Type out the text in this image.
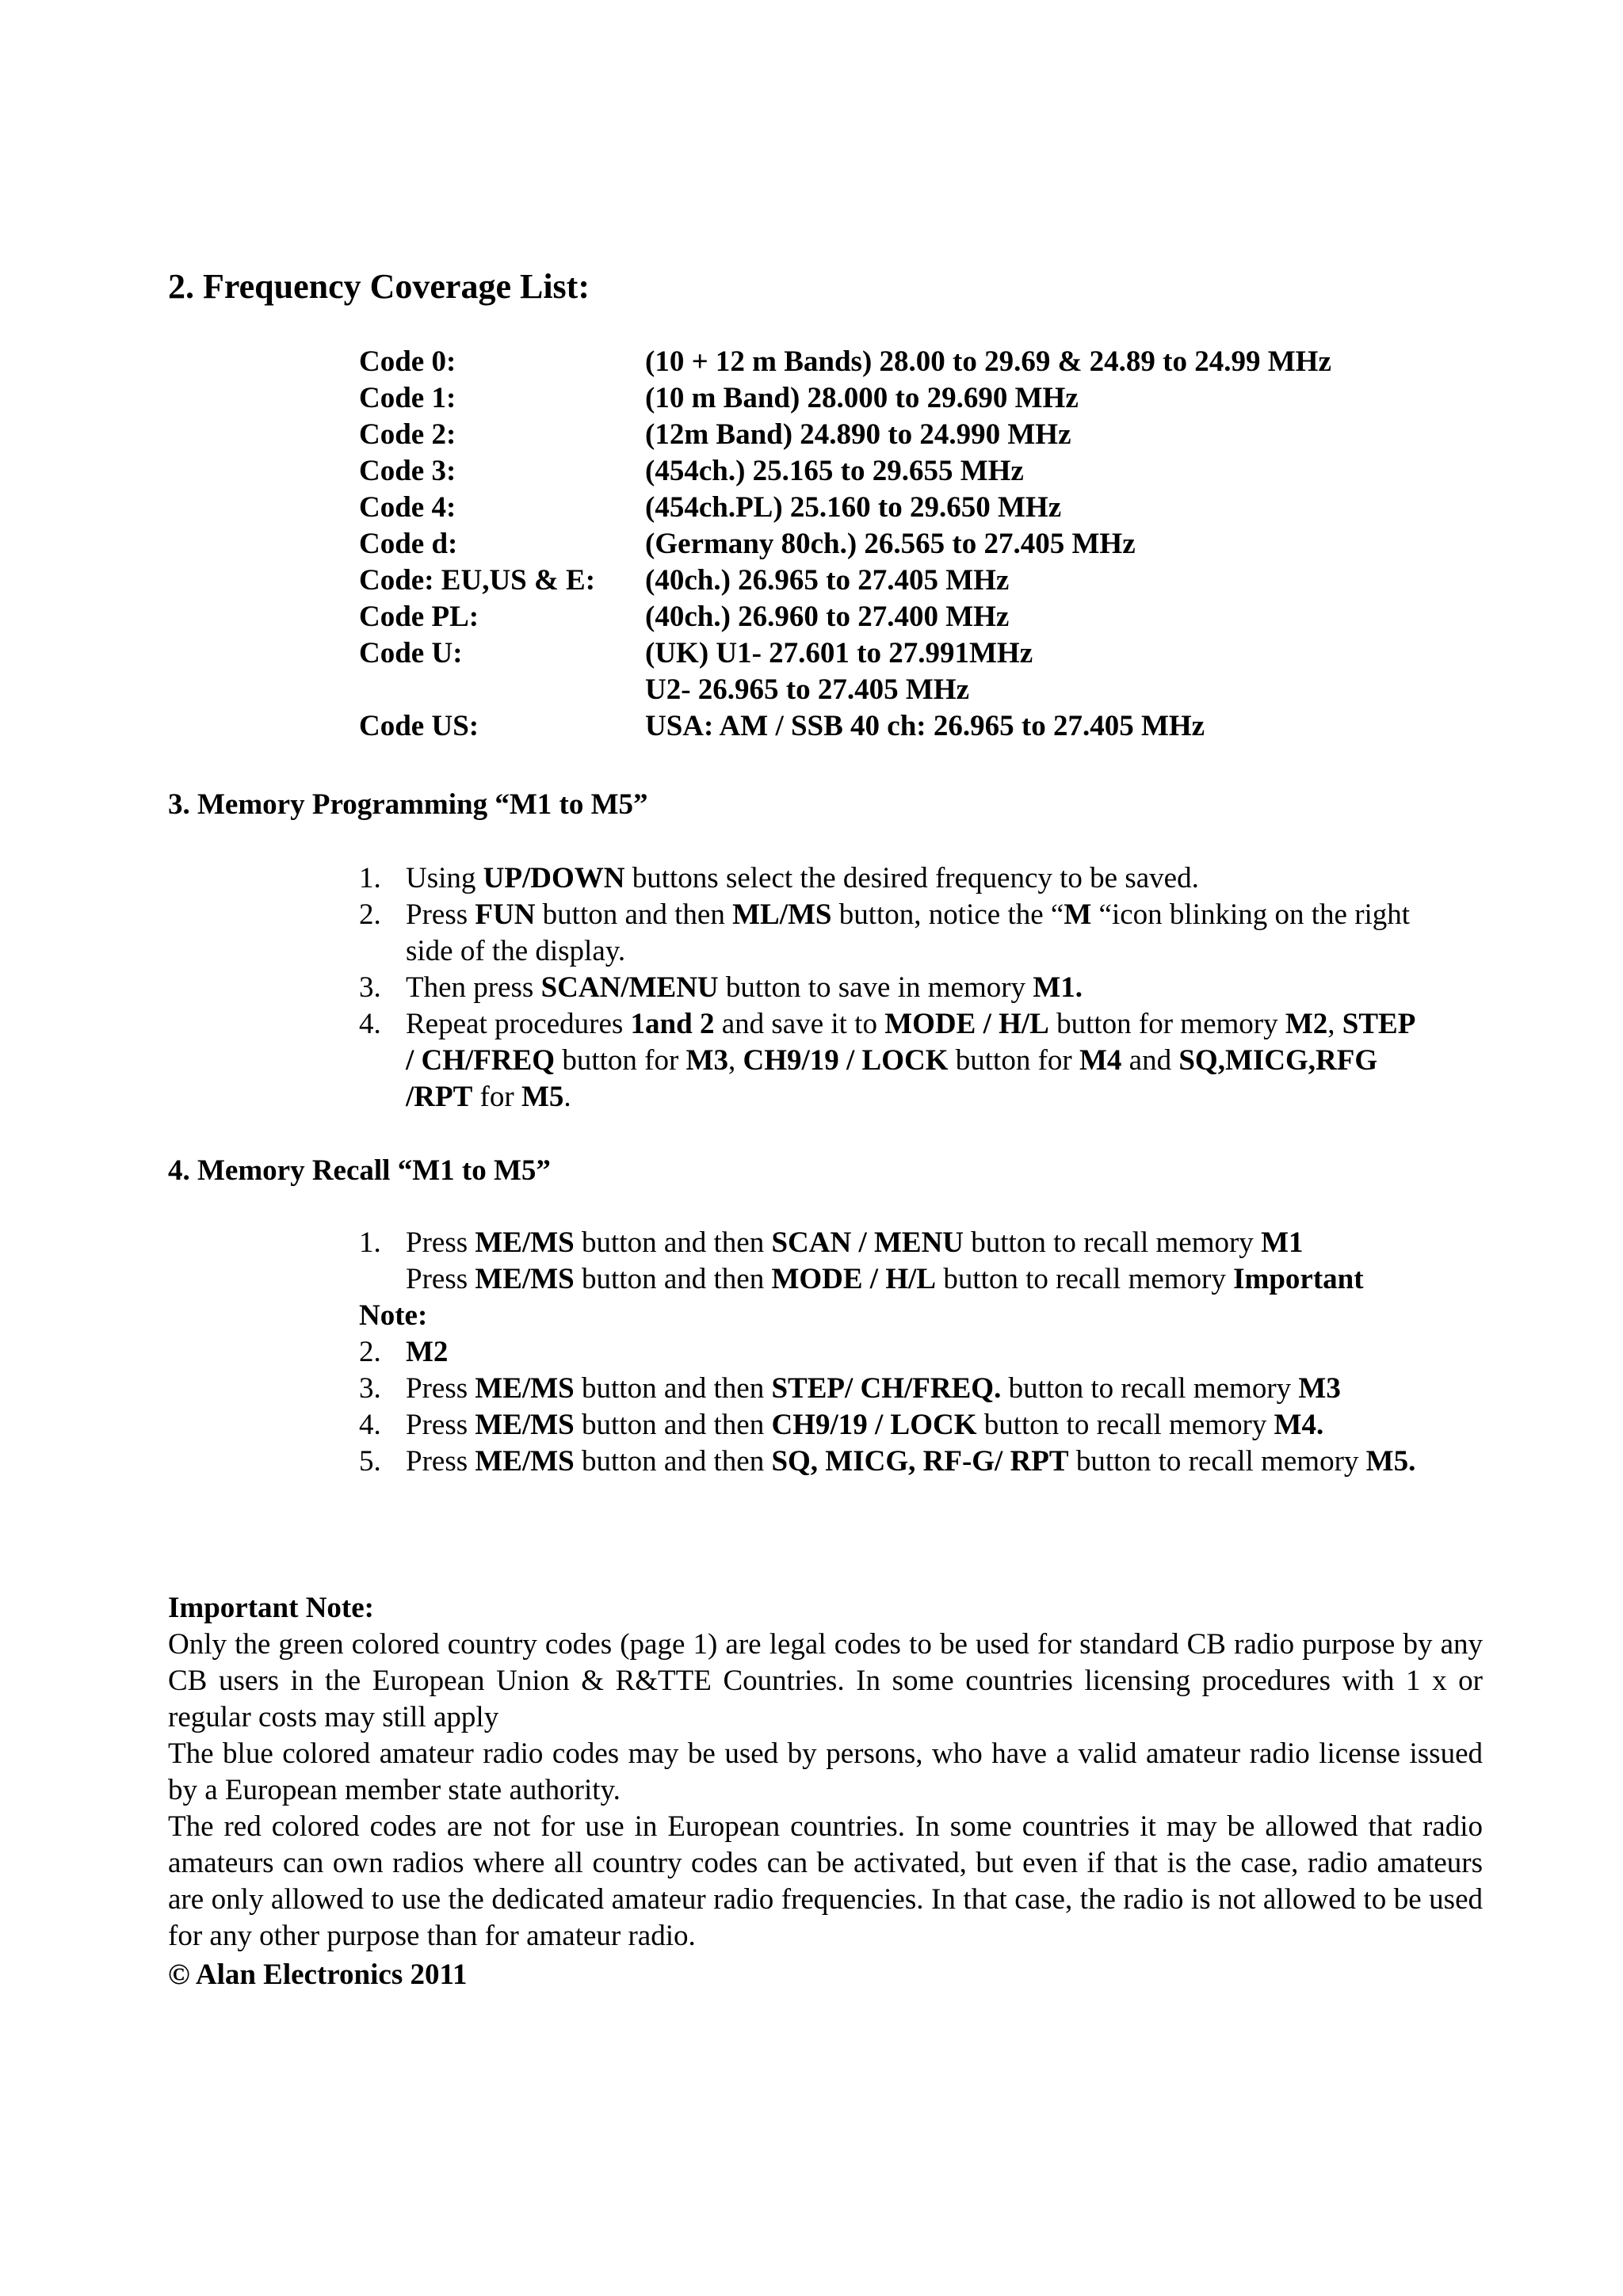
2. Frequency Coverage List:
Code 0:	(10 + 12 m Bands) 28.00 to 29.69 & 24.89 to 24.99 MHz
Code 1:	(10 m Band) 28.000 to 29.690 MHz
Code 2:	(12m Band) 24.890 to 24.990 MHz
Code 3:	(454ch.) 25.165 to 29.655 MHz
Code 4:	(454ch.PL) 25.160 to 29.650 MHz
Code d:	(Germany 80ch.) 26.565 to 27.405 MHz
Code: EU,US & E:	(40ch.) 26.965 to 27.405 MHz
Code PL:	(40ch.) 26.960 to 27.400 MHz
Code U:	(UK) U1- 27.601 to 27.991MHz
U2- 26.965 to 27.405 MHz
Code US:	USA: AM / SSB 40 ch: 26.965 to 27.405 MHz
3. Memory Programming “M1 to M5”
1. Using UP/DOWN buttons select the desired frequency to be saved.
2. Press FUN button and then ML/MS button, notice the “M “icon blinking on the right side of the display.
3. Then press SCAN/MENU button to save in memory M1.
4. Repeat procedures 1and 2 and save it to MODE / H/L button for memory M2, STEP / CH/FREQ button for M3, CH9/19 / LOCK button for M4 and SQ,MICG,RFG /RPT for M5.
4. Memory Recall “M1 to M5”
1. Press ME/MS button and then SCAN / MENU button to recall memory M1
Press ME/MS button and then MODE / H/L button to recall memory Important
Note:
2. M2
3. Press ME/MS button and then STEP/ CH/FREQ. button to recall memory M3
4. Press ME/MS button and then CH9/19 / LOCK button to recall memory M4.
5. Press ME/MS button and then SQ, MICG, RF-G/ RPT button to recall memory M5.
Important Note:

Only the green colored country codes (page 1) are legal codes to be used for standard CB radio purpose by any CB users in the European Union & R&TTE Countries. In some countries licensing procedures with 1 x or regular costs may still apply

The blue colored amateur radio codes may be used by persons, who have a valid amateur radio license issued by a European member state authority.

The red colored codes are not for use in European countries. In some countries it may be allowed that radio amateurs can own radios where all country codes can be activated, but even if that is the case, radio amateurs are only allowed to use the dedicated amateur radio frequencies. In that case, the radio is not allowed to be used for any other purpose than for amateur radio.

© Alan Electronics 2011
